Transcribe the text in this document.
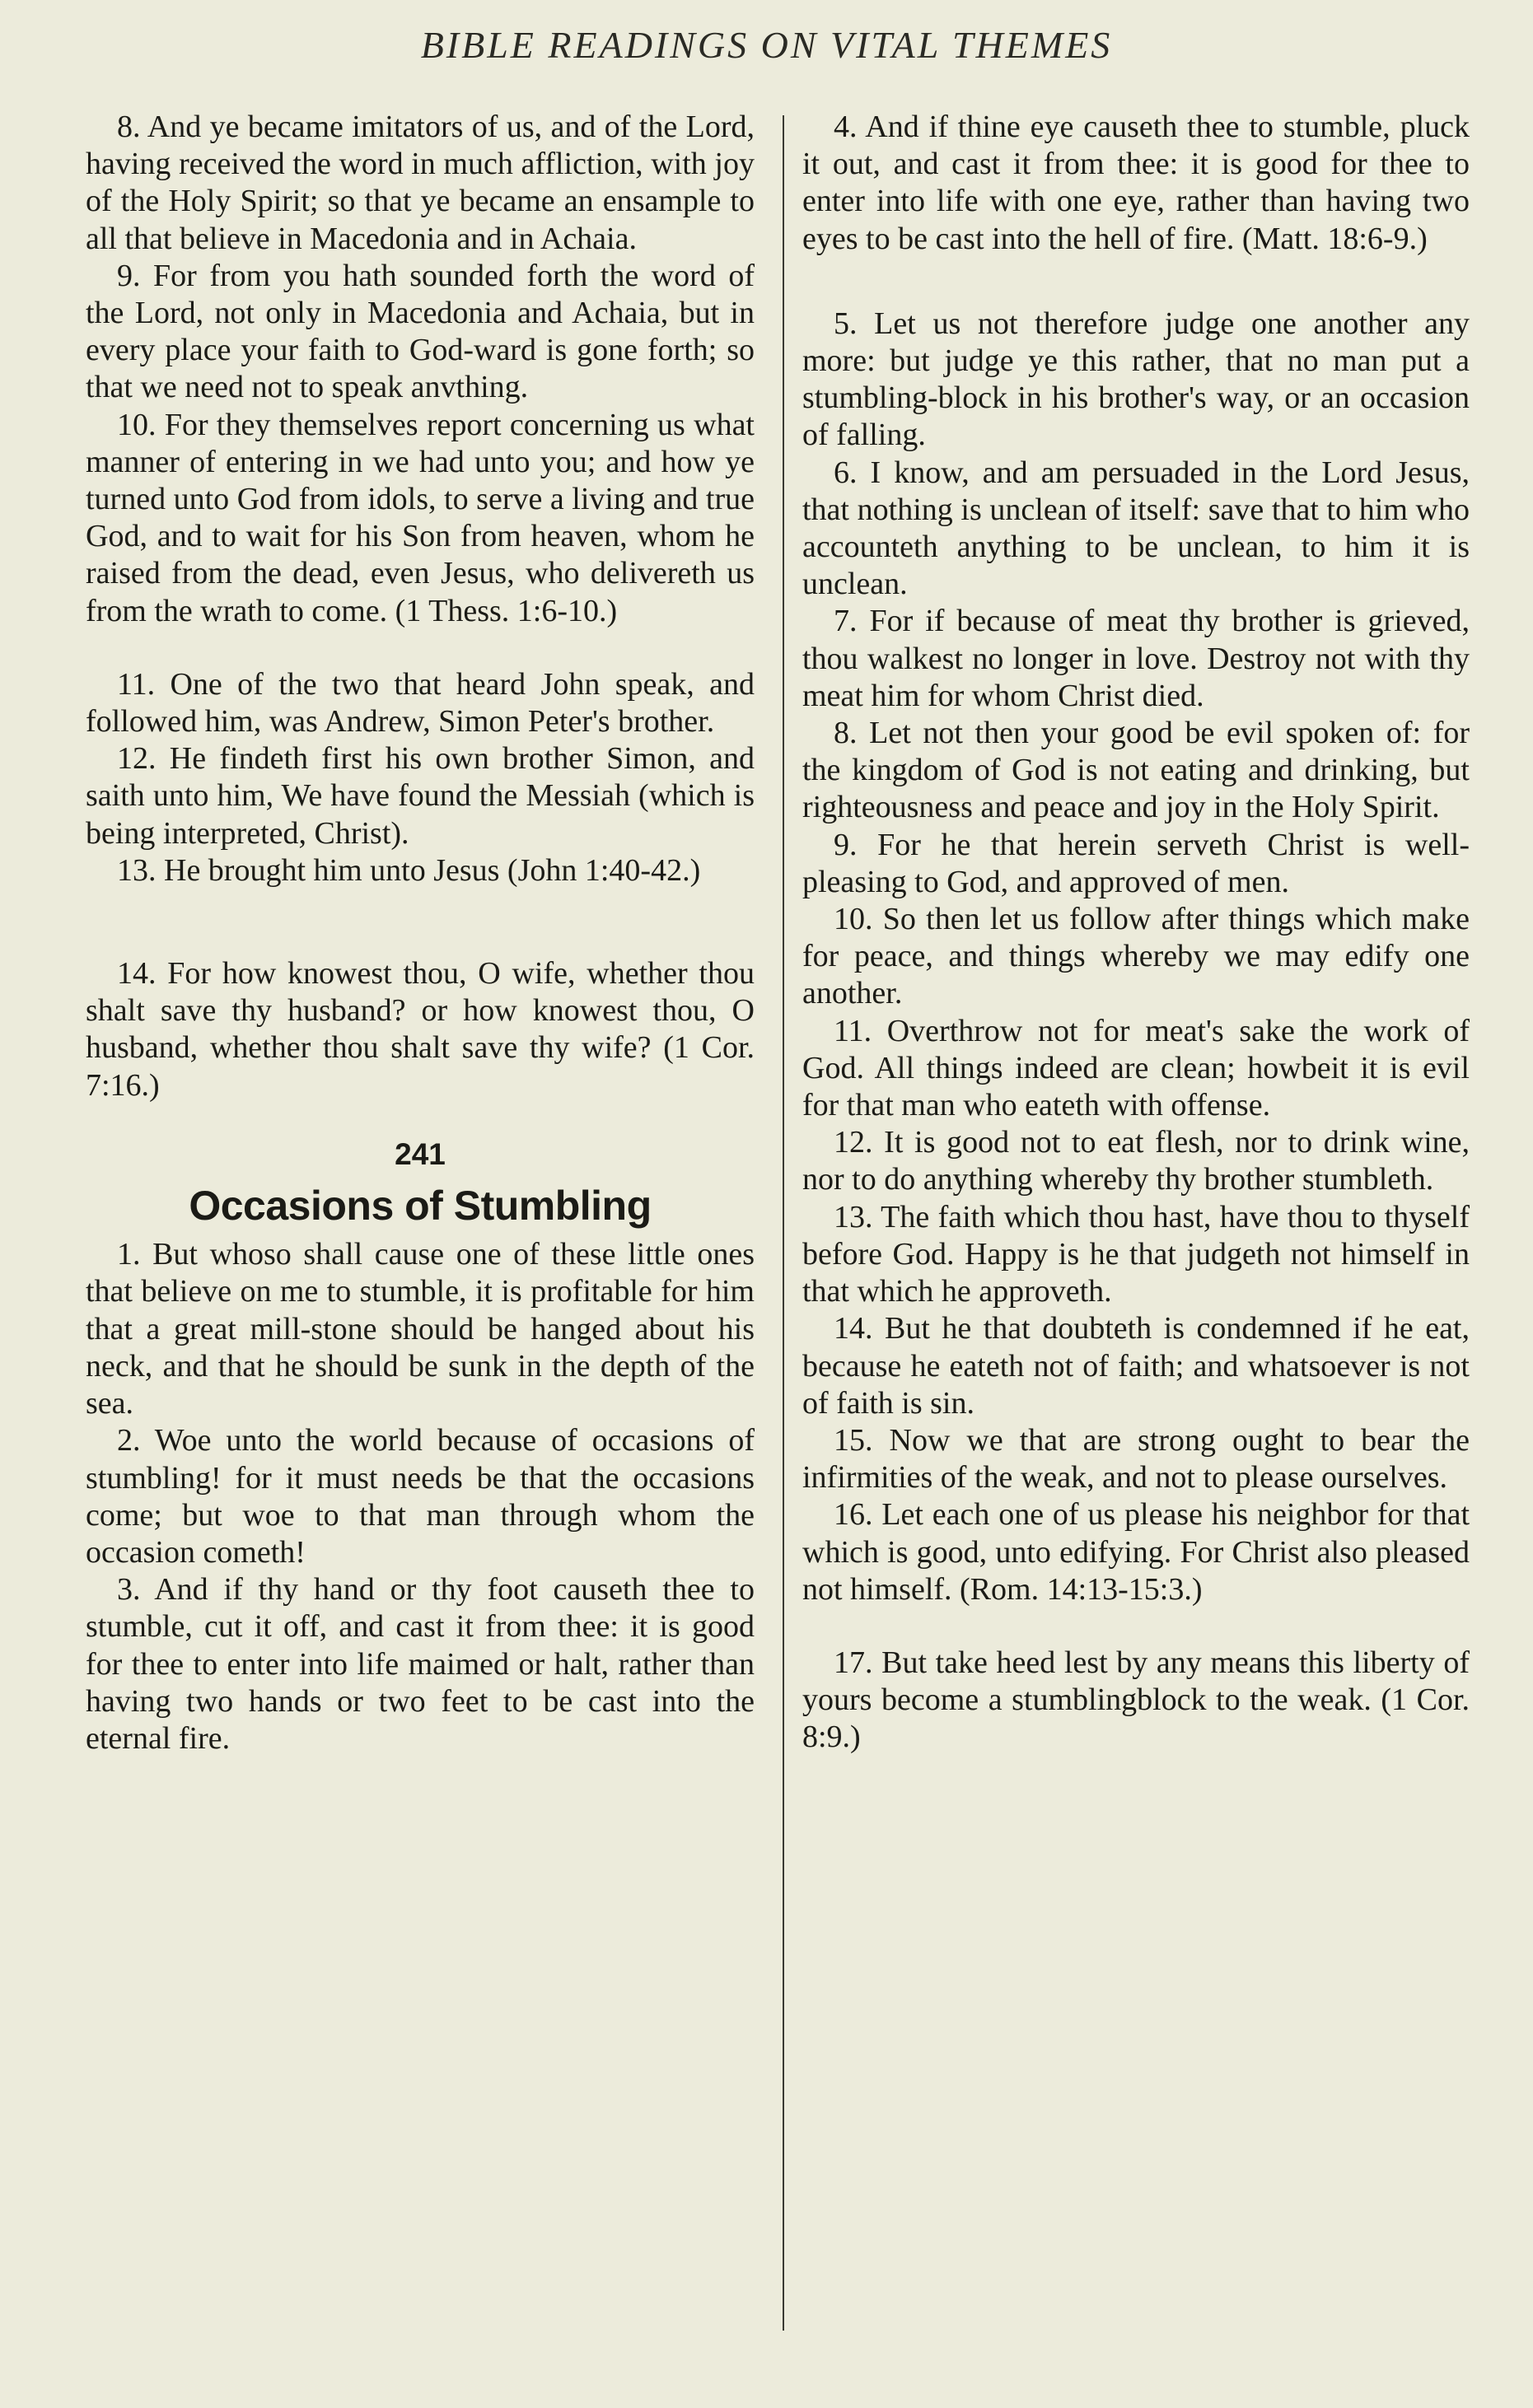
BIBLE READINGS ON VITAL THEMES

8. And ye became imitators of us, and of the Lord, having received the word in much affliction, with joy of the Holy Spirit; so that ye became an ensample to all that believe in Macedonia and in Achaia.

9. For from you hath sounded forth the word of the Lord, not only in Macedonia and Achaia, but in every place your faith to God-ward is gone forth; so that we need not to speak anvthing.

10. For they themselves report concerning us what manner of entering in we had unto you; and how ye turned unto God from idols, to serve a living and true God, and to wait for his Son from heaven, whom he raised from the dead, even Jesus, who delivereth us from the wrath to come. (1 Thess. 1:6-10.)

11. One of the two that heard John speak, and followed him, was Andrew, Simon Peter's brother.

12. He findeth first his own brother Simon, and saith unto him, We have found the Messiah (which is being interpreted, Christ).

13. He brought him unto Jesus (John 1:40-42.)

14. For how knowest thou, O wife, whether thou shalt save thy husband? or how knowest thou, O husband, whether thou shalt save thy wife? (1 Cor. 7:16.)

241
Occasions of Stumbling

1. But whoso shall cause one of these little ones that believe on me to stumble, it is profitable for him that a great mill-stone should be hanged about his neck, and that he should be sunk in the depth of the sea.

2. Woe unto the world because of occasions of stumbling! for it must needs be that the occasions come; but woe to that man through whom the occasion cometh!

3. And if thy hand or thy foot causeth thee to stumble, cut it off, and cast it from thee: it is good for thee to enter into life maimed or halt, rather than having two hands or two feet to be cast into the eternal fire.

4. And if thine eye causeth thee to stumble, pluck it out, and cast it from thee: it is good for thee to enter into life with one eye, rather than having two eyes to be cast into the hell of fire. (Matt. 18:6-9.)

5. Let us not therefore judge one another any more: but judge ye this rather, that no man put a stumbling-block in his brother's way, or an occasion of falling.

6. I know, and am persuaded in the Lord Jesus, that nothing is unclean of itself: save that to him who accounteth anything to be unclean, to him it is unclean.

7. For if because of meat thy brother is grieved, thou walkest no longer in love. Destroy not with thy meat him for whom Christ died.

8. Let not then your good be evil spoken of: for the kingdom of God is not eating and drinking, but righteousness and peace and joy in the Holy Spirit.

9. For he that herein serveth Christ is well-pleasing to God, and approved of men.

10. So then let us follow after things which make for peace, and things whereby we may edify one another.

11. Overthrow not for meat's sake the work of God. All things indeed are clean; howbeit it is evil for that man who eateth with offense.

12. It is good not to eat flesh, nor to drink wine, nor to do anything whereby thy brother stumbleth.

13. The faith which thou hast, have thou to thyself before God. Happy is he that judgeth not himself in that which he approveth.

14. But he that doubteth is condemned if he eat, because he eateth not of faith; and whatsoever is not of faith is sin.

15. Now we that are strong ought to bear the infirmities of the weak, and not to please ourselves.

16. Let each one of us please his neighbor for that which is good, unto edifying. For Christ also pleased not himself. (Rom. 14:13-15:3.)

17. But take heed lest by any means this liberty of yours become a stumblingblock to the weak. (1 Cor. 8:9.)
